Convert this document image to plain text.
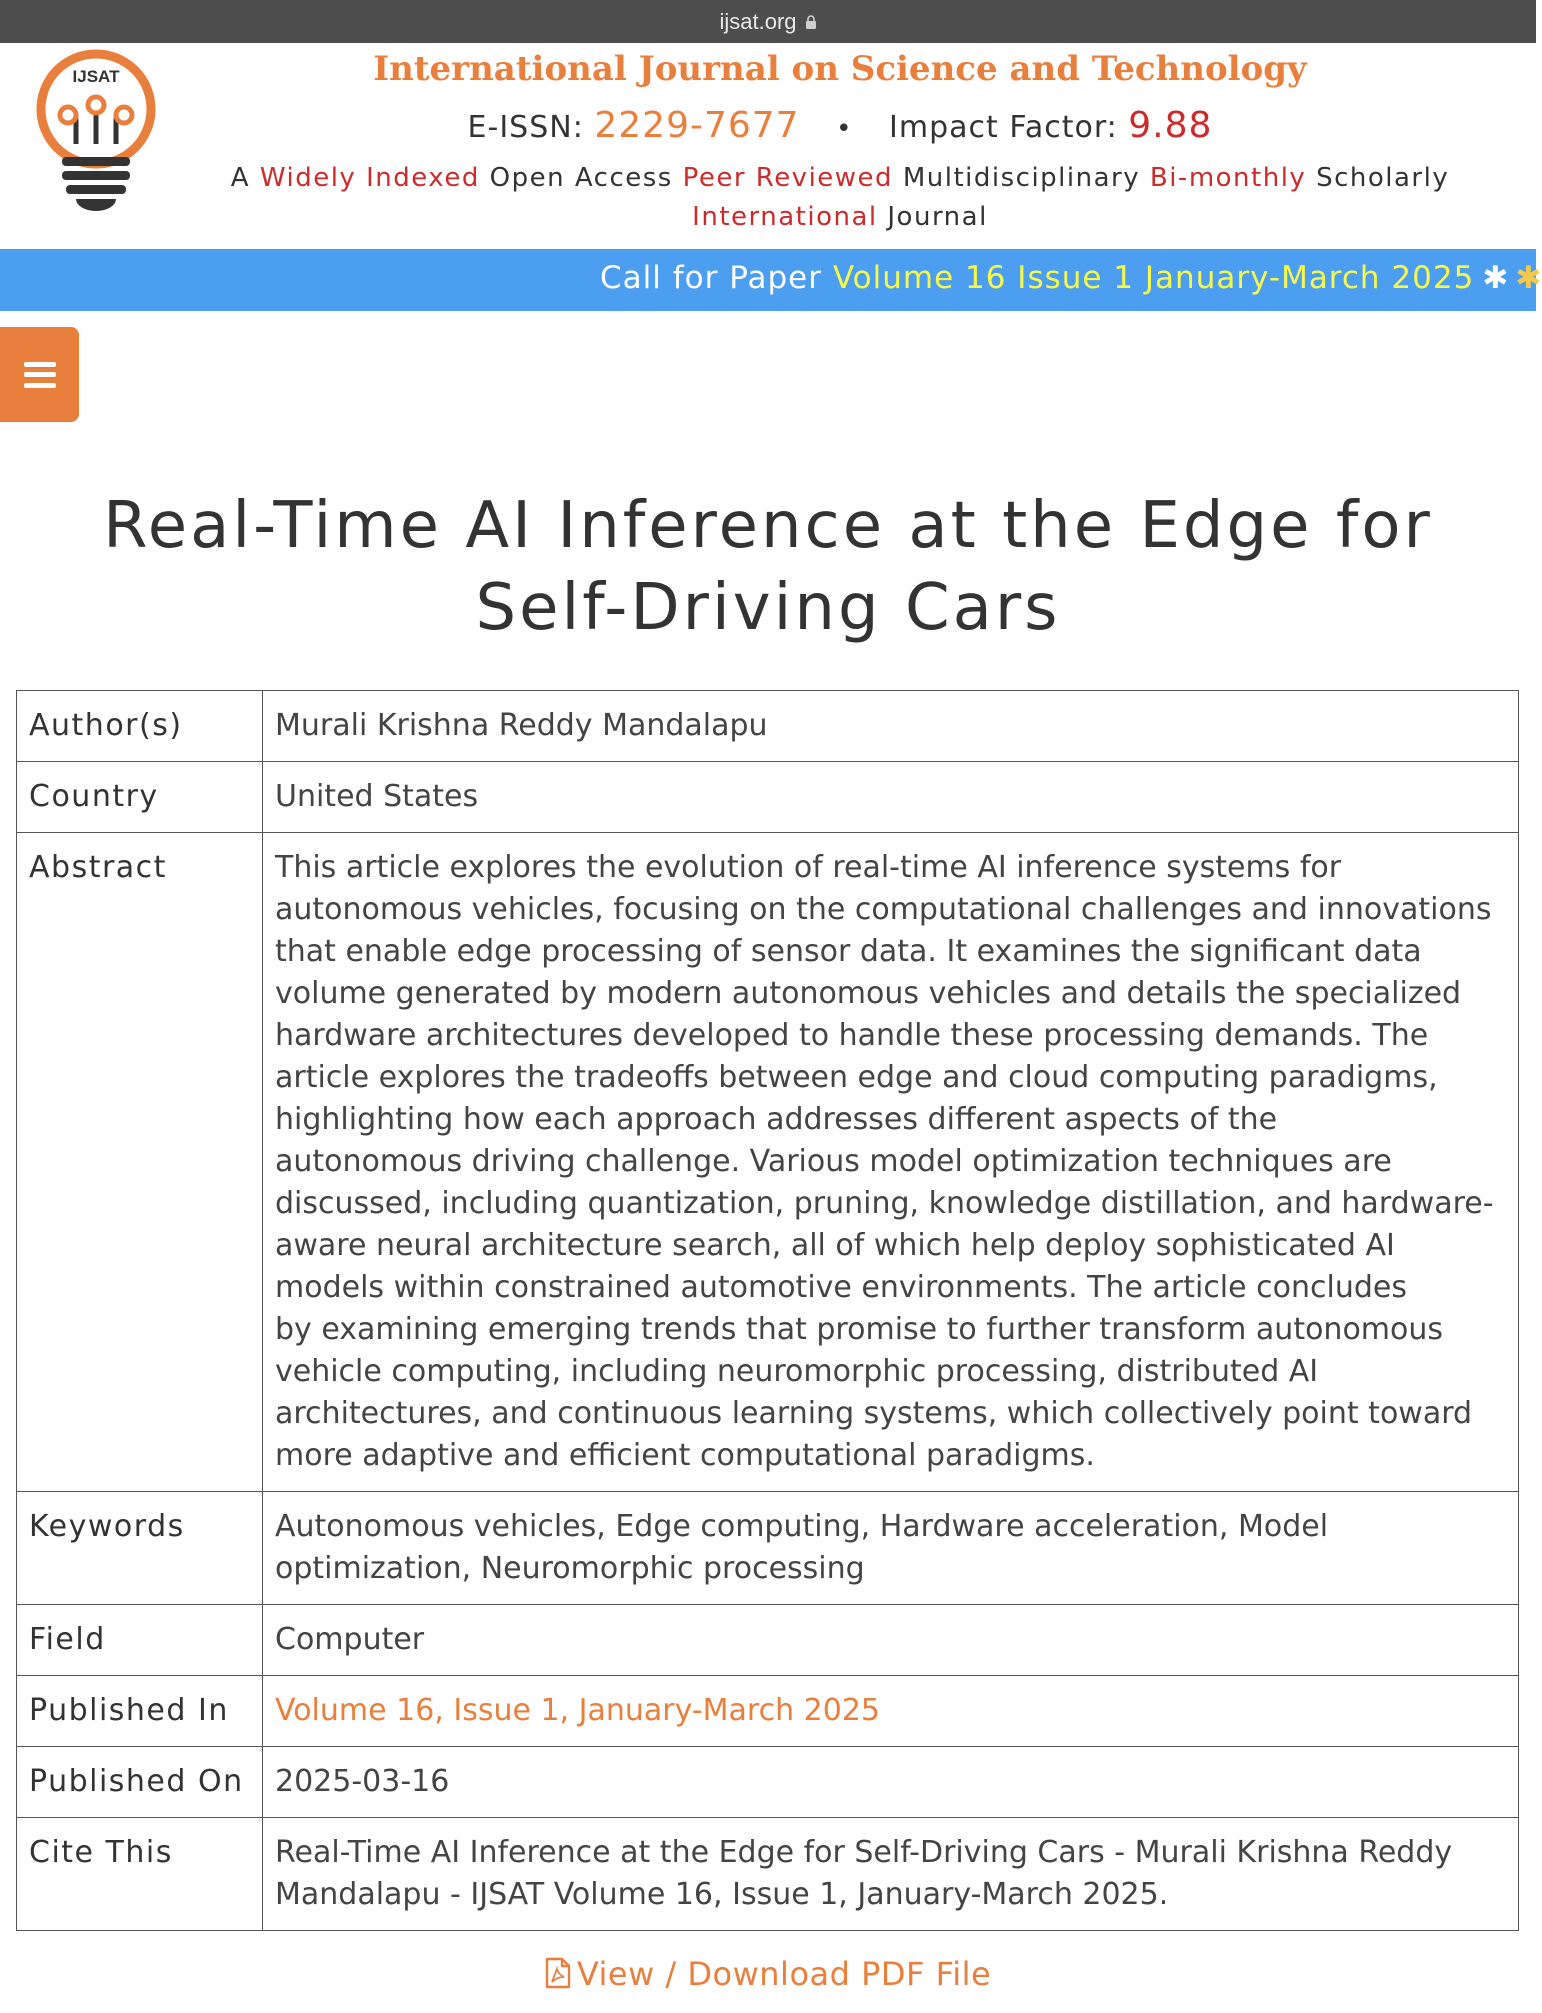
ijsat.org
IJSAT	International Journal on Science and Technology
E-ISSN: 2229-7677 • Impact Factor: 9.88
A Widely Indexed Open Access Peer Reviewed Multidisciplinary Bi-monthly Scholarly
International Journal
Call for Paper Volume 16 Issue 1 January-March 2025 ✱ ✱
Real-Time AI Inference at the Edge for Self-Driving Cars
Author(s)	Murali Krishna Reddy Mandalapu
Country	United States
Abstract	This article explores the evolution of real-time AI inference systems for autonomous vehicles, focusing on the computational challenges and innovations that enable edge processing of sensor data. It examines the significant data volume generated by modern autonomous vehicles and details the specialized hardware architectures developed to handle these processing demands. The article explores the tradeoffs between edge and cloud computing paradigms, highlighting how each approach addresses different aspects of the
autonomous driving challenge. Various model optimization techniques are discussed, including quantization, pruning, knowledge distillation, and hardware-aware neural architecture search, all of which help deploy sophisticated AI models within constrained automotive environments. The article concludes
by examining emerging trends that promise to further transform autonomous vehicle computing, including neuromorphic processing, distributed AI architectures, and continuous learning systems, which collectively point toward more adaptive and efficient computational paradigms.

Keywords	Autonomous vehicles, Edge computing, Hardware acceleration, Model optimization, Neuromorphic processing
Field	Computer
Published In	Volume 16, Issue 1, January-March 2025
Published On	2025-03-16
Cite This	Real-Time AI Inference at the Edge for Self-Driving Cars - Murali Krishna Reddy Mandalapu - IJSAT Volume 16, Issue 1, January-March 2025.
View / Download PDF File
